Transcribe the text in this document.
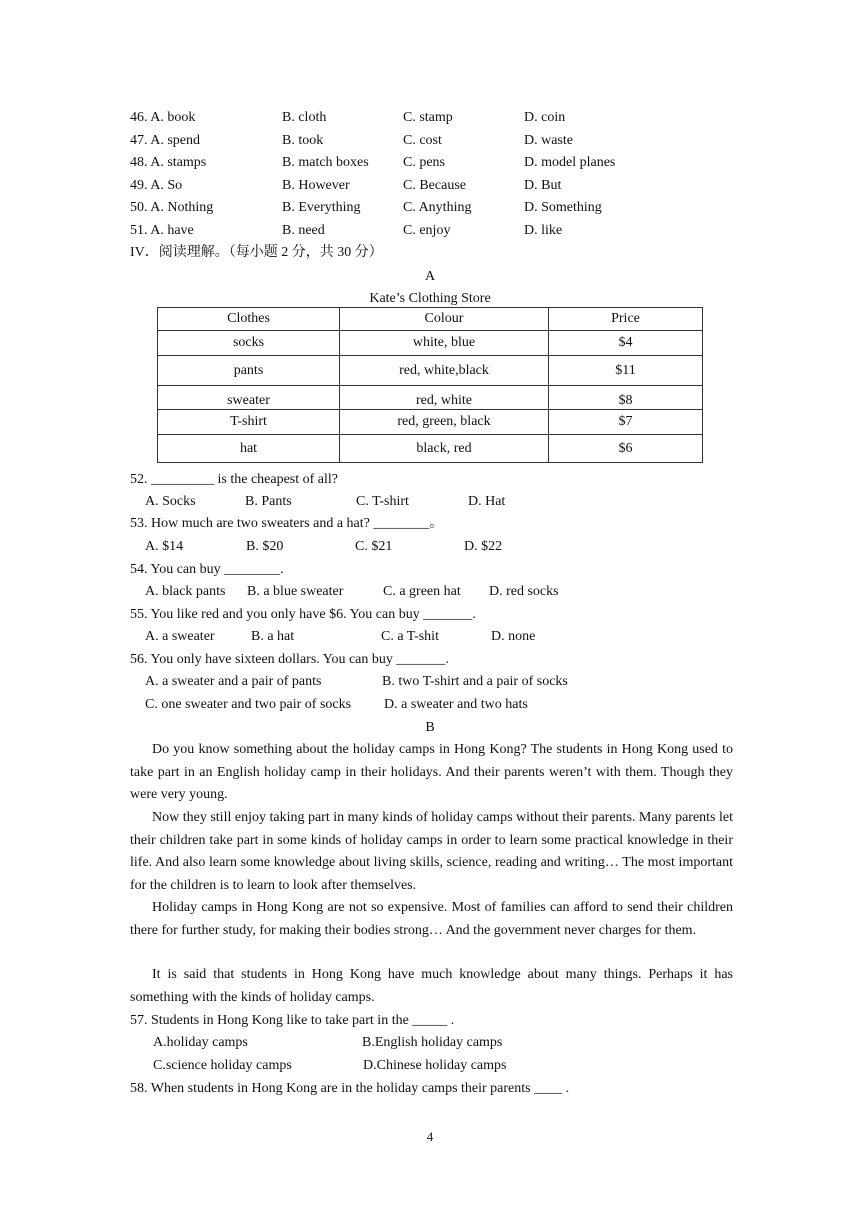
46. A. book	B. cloth	C. stamp	D. coin
47. A. spend	B. took	C. cost	D. waste
48. A. stamps	B. match boxes C. pens	D. model planes
49. A. So	B. However	C. Because	D. But
50. A. Nothing	B. Everything	C. Anything	D. Something
51. A. have	B. need	C. enjoy	D. like
IV．阅读理解。（每小题 2 分，共 30 分）
A
Kate’s Clothing Store
Clothes	Colour	Price
socks	white, blue	$4
pants	red, white,black	$11
sweater	red, white	$8
T-shirt	red, green, black	$7
hat	black, red	$6
52. _________ is the cheapest of all?
A. Socks	B. Pants	C. T-shirt	D. Hat
53. How much are two sweaters and a hat? ________。
A. $14	B. $20	C. $21	D. $22
54. You can buy ________.
A. black pants B. a blue sweater	C. a green hat D. red socks
55. You like red and you only have $6. You can buy _______.
A. a sweater	B. a hat	C. a T-shit	D. none
56. You only have sixteen dollars. You can buy _______.
A. a sweater and a pair of pants	B. two T-shirt and a pair of socks
C. one sweater and two pair of socks D. a sweater and two hats
B
Do you know something about the holiday camps in Hong Kong? The students in Hong Kong used to take part in an English holiday camp in their holidays. And their parents weren’t with them. Though they were very young.
Now they still enjoy taking part in many kinds of holiday camps without their parents. Many parents let their children take part in some kinds of holiday camps in order to learn some practical knowledge in their life. And also learn some knowledge about living skills, science, reading and writing… The most important for the children is to learn to look after themselves.
Holiday camps in Hong Kong are not so expensive. Most of families can afford to send their children there for further study, for making their bodies strong… And the government never charges for them.
It is said that students in Hong Kong have much knowledge about many things. Perhaps it has something with the kinds of holiday camps.
57. Students in Hong Kong like to take part in the _____ .
A.holiday camps	B.English holiday camps
C.science holiday camps	D.Chinese holiday camps
58. When students in Hong Kong are in the holiday camps their parents ____ .
4
